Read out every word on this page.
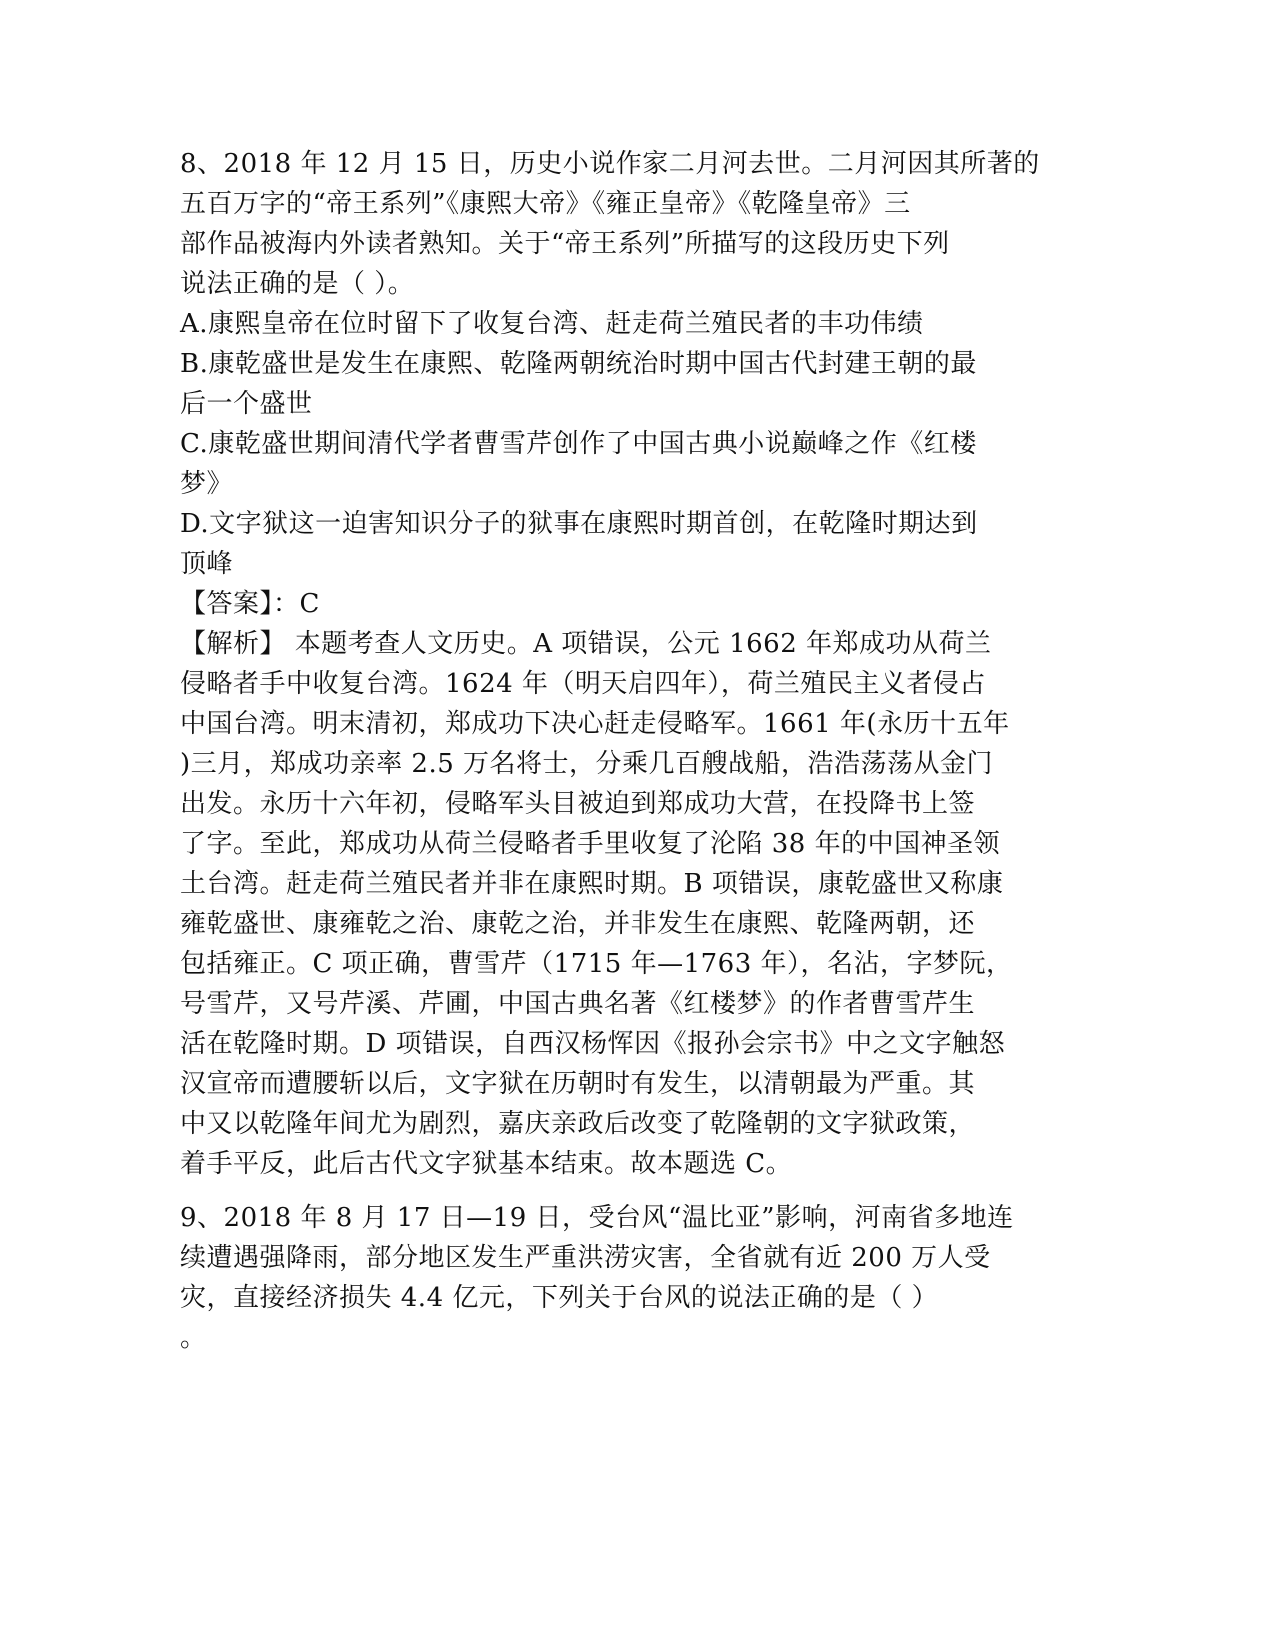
8、2018 年 12 月 15 日，历史小说作家二月河去世。二月河因其所著的
五百万字的“帝王系列”《康熙大帝》《雍正皇帝》《乾隆皇帝》三
部作品被海内外读者熟知。关于“帝王系列”所描写的这段历史下列
说法正确的是（ ）。
A.康熙皇帝在位时留下了收复台湾、赶走荷兰殖民者的丰功伟绩
B.康乾盛世是发生在康熙、乾隆两朝统治时期中国古代封建王朝的最
后一个盛世
C.康乾盛世期间清代学者曹雪芹创作了中国古典小说巅峰之作《红楼
梦》
D.文字狱这一迫害知识分子的狱事在康熙时期首创，在乾隆时期达到
顶峰
【答案】：C
【解析】 本题考查人文历史。A 项错误，公元 1662 年郑成功从荷兰
侵略者手中收复台湾。1624 年（明天启四年），荷兰殖民主义者侵占
中国台湾。明末清初，郑成功下决心赶走侵略军。1661 年(永历十五年
)三月，郑成功亲率 2.5 万名将士，分乘几百艘战船，浩浩荡荡从金门
出发。永历十六年初，侵略军头目被迫到郑成功大营，在投降书上签
了字。至此，郑成功从荷兰侵略者手里收复了沦陷 38 年的中国神圣领
土台湾。赶走荷兰殖民者并非在康熙时期。B 项错误，康乾盛世又称康
雍乾盛世、康雍乾之治、康乾之治，并非发生在康熙、乾隆两朝，还
包括雍正。C 项正确，曹雪芹（1715 年—1763 年），名沾，字梦阮，
号雪芹，又号芹溪、芹圃，中国古典名著《红楼梦》的作者曹雪芹生
活在乾隆时期。D 项错误，自西汉杨恽因《报孙会宗书》中之文字触怒
汉宣帝而遭腰斩以后，文字狱在历朝时有发生，以清朝最为严重。其
中又以乾隆年间尤为剧烈，嘉庆亲政后改变了乾隆朝的文字狱政策，
着手平反，此后古代文字狱基本结束。故本题选 C。
9、2018 年 8 月 17 日—19 日，受台风“温比亚”影响，河南省多地连
续遭遇强降雨，部分地区发生严重洪涝灾害，全省就有近 200 万人受
灾，直接经济损失 4.4 亿元，下列关于台风的说法正确的是（ ）
。
